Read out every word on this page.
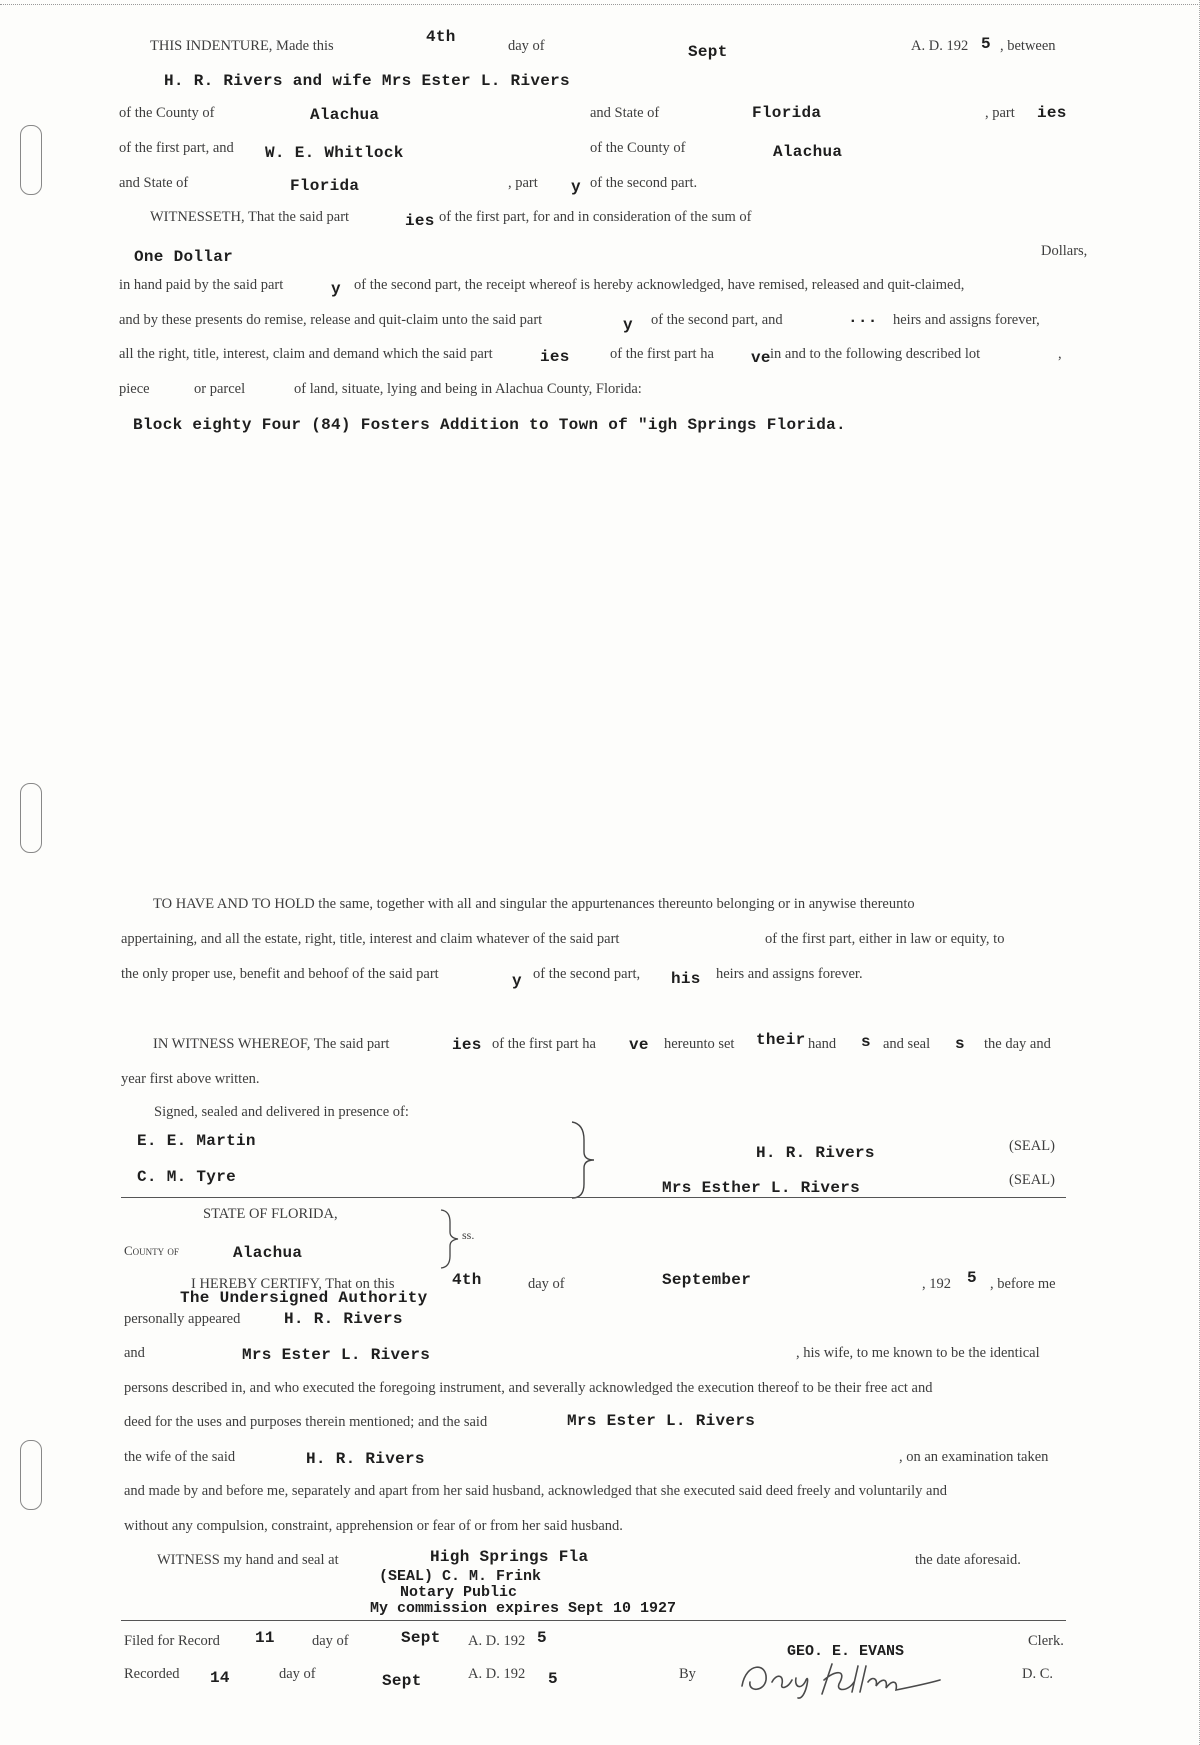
THIS INDENTURE, Made this	4th	day of	Sept	A. D. 192 5 , between
H. R. Rivers and wife Mrs Ester L. Rivers
of the County of	Alachua	and State of	Florida	, part ies
of the first part, and W. E. Whitlock	of the County of	Alachua
and State of	Florida	, part y of the second part.
WITNESSETH, That the said part	ies of the first part, for and in consideration of the sum of
One Dollar	Dollars,
in hand paid by the said part	y of the second part, the receipt whereof is hereby acknowledged, have remised, released and quit-claimed,
and by these presents do remise, release and quit-claim unto the said part	y of the second part, and	... heirs and assigns forever,
all the right, title, interest, claim and demand which the said part	ies	of the first part ha ve in and to the following described lot	,
piece	or parcel	of land, situate, lying and being in Alachua County, Florida:
Block eighty Four (84) Fosters Addition to Town of "igh Springs Florida.
TO HAVE AND TO HOLD the same, together with all and singular the appurtenances thereunto belonging or in anywise thereunto
appertaining, and all the estate, right, title, interest and claim whatever of the said part	of the first part, either in law or equity, to
the only proper use, benefit and behoof of the said part	y of the second part, his heirs and assigns forever.
IN WITNESS WHEREOF, The said part	ies of the first part ha ve hereunto set their hand s and seal s the day and
year first above written.
Signed, sealed and delivered in presence of:
E. E. Martin
C. M. Tyre
H. R. Rivers	(SEAL)
Mrs Esther L. Rivers	(SEAL)
STATE OF FLORIDA,
ss.
County of	Alachua
I HEREBY CERTIFY, That on this	4th	day of	September	, 192 5 , before me
The Undersigned Authority
personally appeared	H. R. Rivers
and	Mrs Ester L. Rivers	, his wife, to me known to be the identical
persons described in, and who executed the foregoing instrument, and severally acknowledged the execution thereof to be their free act and
deed for the uses and purposes therein mentioned; and the said	Mrs Ester L. Rivers
the wife of the said	H. R. Rivers	, on an examination taken
and made by and before me, separately and apart from her said husband, acknowledged that she executed said deed freely and voluntarily and
without any compulsion, constraint, apprehension or fear of or from her said husband.
WITNESS my hand and seal at	High Springs Fla	the date aforesaid.
(SEAL) C. M. Frink
Notary Public
My commission expires Sept 10 1927
Filed for Record 11	day of	Sept A. D. 192 5	Clerk.
GEO. E. EVANS
Recorded 14	day of	Sept	A. D. 192 5	By	D. C.
